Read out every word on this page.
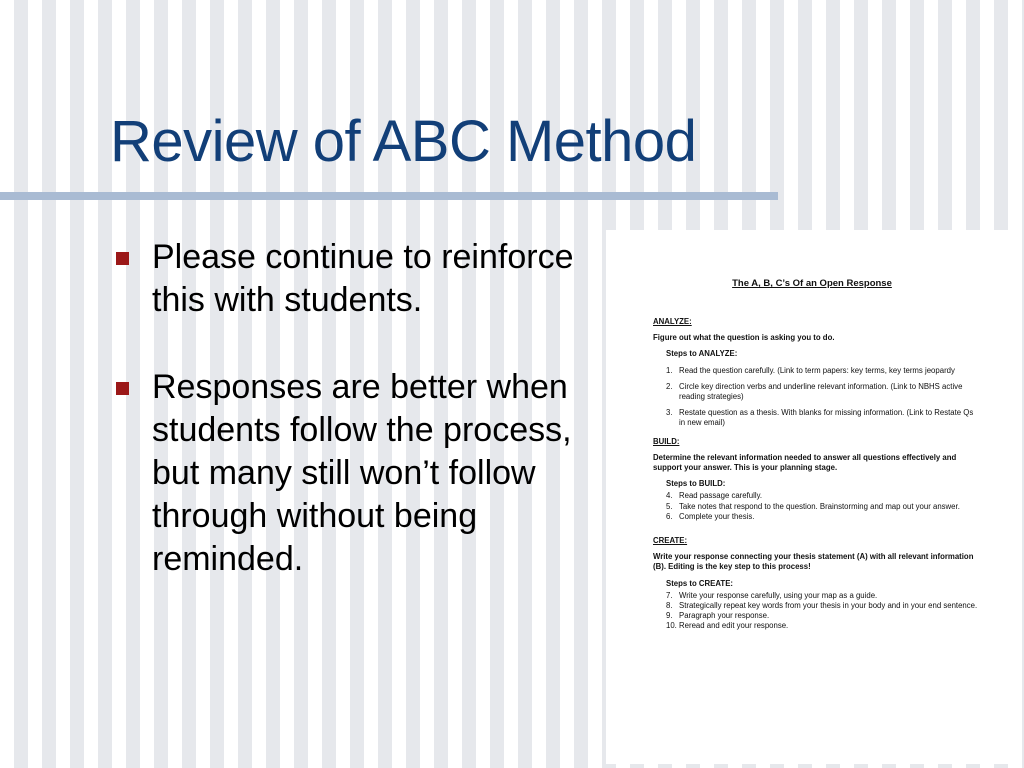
Review of ABC Method
Please continue to reinforce this with students.
Responses are better when students follow the process, but many still won’t follow through without being reminded.
The A, B, C’s Of an Open Response
ANALYZE:
Figure out what the question is asking you to do.
Steps to ANALYZE:
1. Read the question carefully. (Link to term papers: key terms, key terms jeopardy
2. Circle key direction verbs and underline relevant information. (Link to NBHS active reading strategies)
3. Restate question as a thesis. With blanks for missing information. (Link to Restate Qs in new email)
BUILD:
Determine the relevant information needed to answer all questions effectively and support your answer. This is your planning stage.
Steps to BUILD:
4. Read passage carefully.
5. Take notes that respond to the question. Brainstorming and map out your answer.
6. Complete your thesis.
CREATE:
Write your response connecting your thesis statement (A) with all relevant information (B). Editing is the key step to this process!
Steps to CREATE:
7. Write your response carefully, using your map as a guide.
8. Strategically repeat key words from your thesis in your body and in your end sentence.
9. Paragraph your response.
10. Reread and edit your response.
